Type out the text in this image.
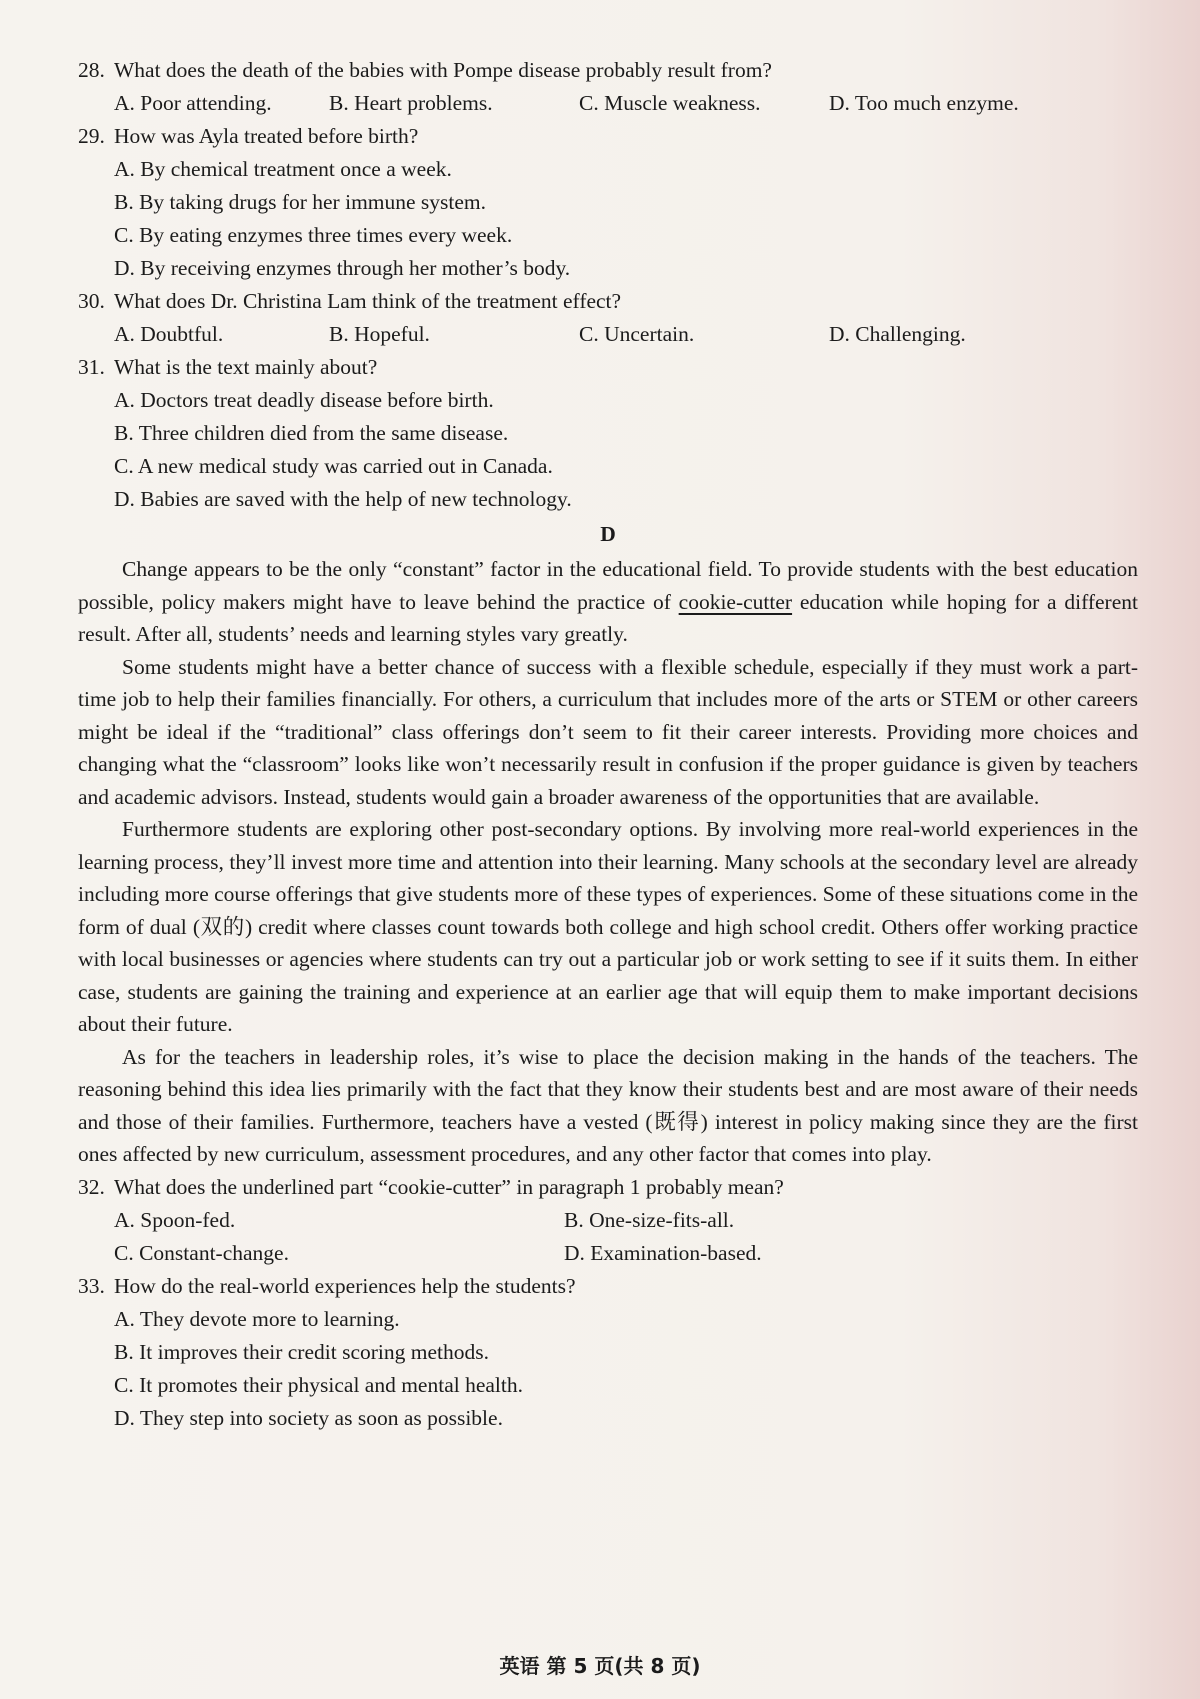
28. What does the death of the babies with Pompe disease probably result from?
A. Poor attending.	B. Heart problems.	C. Muscle weakness.	D. Too much enzyme.
29. How was Ayla treated before birth?

A. By chemical treatment once a week.

B. By taking drugs for her immune system.

C. By eating enzymes three times every week.

D. By receiving enzymes through her mother’s body.

30. What does Dr. Christina Lam think of the treatment effect?
A. Doubtful.	B. Hopeful.	C. Uncertain.	D. Challenging.
31. What is the text mainly about?

A. Doctors treat deadly disease before birth.

B. Three children died from the same disease.

C. A new medical study was carried out in Canada.

D. Babies are saved with the help of new technology.

D

Change appears to be the only “constant” factor in the educational field. To provide students with the best education possible, policy makers might have to leave behind the practice of cookie-cutter education while hoping for a different result. After all, students’ needs and learning styles vary greatly.

Some students might have a better chance of success with a flexible schedule, especially if they must work a part-time job to help their families financially. For others, a curriculum that includes more of the arts or STEM or other careers might be ideal if the “traditional” class offerings don’t seem to fit their career interests. Providing more choices and changing what the “classroom” looks like won’t necessarily result in confusion if the proper guidance is given by teachers and academic advisors. Instead, students would gain a broader awareness of the opportunities that are available.

Furthermore students are exploring other post-secondary options. By involving more real-world experiences in the learning process, they’ll invest more time and attention into their learning. Many schools at the secondary level are already including more course offerings that give students more of these types of experiences. Some of these situations come in the form of dual (双的) credit where classes count towards both college and high school credit. Others offer working practice with local businesses or agencies where students can try out a particular job or work setting to see if it suits them. In either case, students are gaining the training and experience at an earlier age that will equip them to make important decisions about their future.

As for the teachers in leadership roles, it’s wise to place the decision making in the hands of the teachers. The reasoning behind this idea lies primarily with the fact that they know their students best and are most aware of their needs and those of their families. Furthermore, teachers have a vested (既得) interest in policy making since they are the first ones affected by new curriculum, assessment procedures, and any other factor that comes into play.

32. What does the underlined part “cookie-cutter” in paragraph 1 probably mean?
A. Spoon-fed.	B. One-size-fits-all.
C. Constant-change.	D. Examination-based.
33. How do the real-world experiences help the students?

A. They devote more to learning.

B. It improves their credit scoring methods.

C. It promotes their physical and mental health.

D. They step into society as soon as possible.

英语 第 5 页(共 8 页)
